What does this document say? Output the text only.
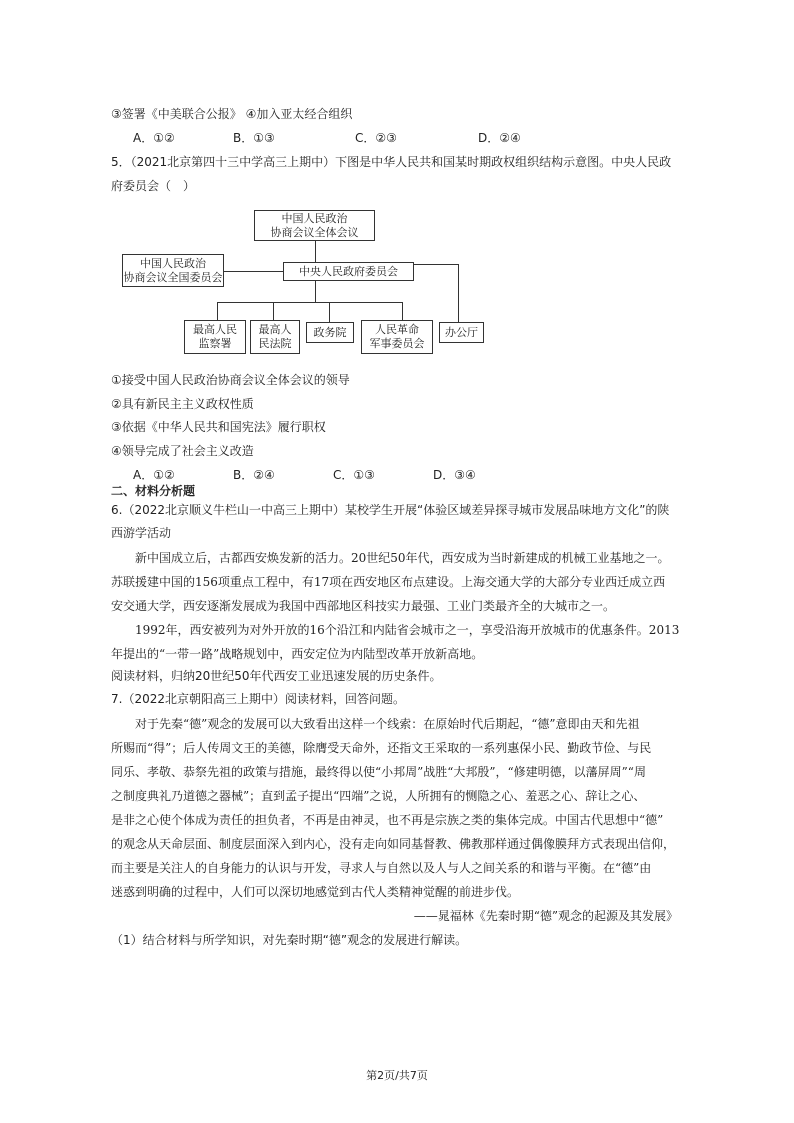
③签署《中美联合公报》 ④加入亚太经合组织
A．①②	B．①③	C．②③	D．②④
5．（2021北京第四十三中学高三上期中）下图是中华人民共和国某时期政权组织结构示意图。中央人民政
府委员会（　）
中国人民政治
协商会议全体会议
中国人民政治
协商会议全国委员会	中央人民政府委员会
最高人民
监察署
最高人
民法院
政务院	人民革命
军事委员会
办公厅
①接受中国人民政治协商会议全体会议的领导
②具有新民主主义政权性质
③依据《中华人民共和国宪法》履行职权
④领导完成了社会主义改造
A．①②	B．②④	C．①③	D．③④
二、材料分析题
6.（2022北京顺义牛栏山一中高三上期中）某校学生开展“体验区域差异探寻城市发展品味地方文化”的陕
西游学活动
新中国成立后，古都西安焕发新的活力。20世纪50年代，西安成为当时新建成的机械工业基地之一。
苏联援建中国的156项重点工程中，有17项在西安地区布点建设。上海交通大学的大部分专业西迁成立西
安交通大学，西安逐渐发展成为我国中西部地区科技实力最强、工业门类最齐全的大城市之一。
1992年，西安被列为对外开放的16个沿江和内陆省会城市之一，享受沿海开放城市的优惠条件。2013
年提出的“一带一路”战略规划中，西安定位为内陆型改革开放新高地。
阅读材料，归纳20世纪50年代西安工业迅速发展的历史条件。
7.（2022北京朝阳高三上期中）阅读材料，回答问题。
对于先秦“德”观念的发展可以大致看出这样一个线索：在原始时代后期起，“德”意即由天和先祖
所赐而“得”；后人传周文王的美德，除膺受天命外，还指文王采取的一系列惠保小民、勤政节俭、与民
同乐、孝敬、恭祭先祖的政策与措施，最终得以使“小邦周”战胜“大邦殷”，“修建明德，以藩屏周”“周
之制度典礼乃道德之器械”；直到孟子提出“四端”之说，人所拥有的恻隐之心、羞恶之心、辞让之心、
是非之心使个体成为责任的担负者，不再是由神灵，也不再是宗族之类的集体完成。中国古代思想中“德”
的观念从天命层面、制度层面深入到内心，没有走向如同基督教、佛教那样通过偶像膜拜方式表现出信仰，
而主要是关注人的自身能力的认识与开发，寻求人与自然以及人与人之间关系的和谐与平衡。在“德”由
迷惑到明确的过程中，人们可以深切地感觉到古代人类精神觉醒的前进步伐。
——晁福林《先秦时期“德”观念的起源及其发展》
（1）结合材料与所学知识，对先秦时期“德”观念的发展进行解读。
第2页/共7页
